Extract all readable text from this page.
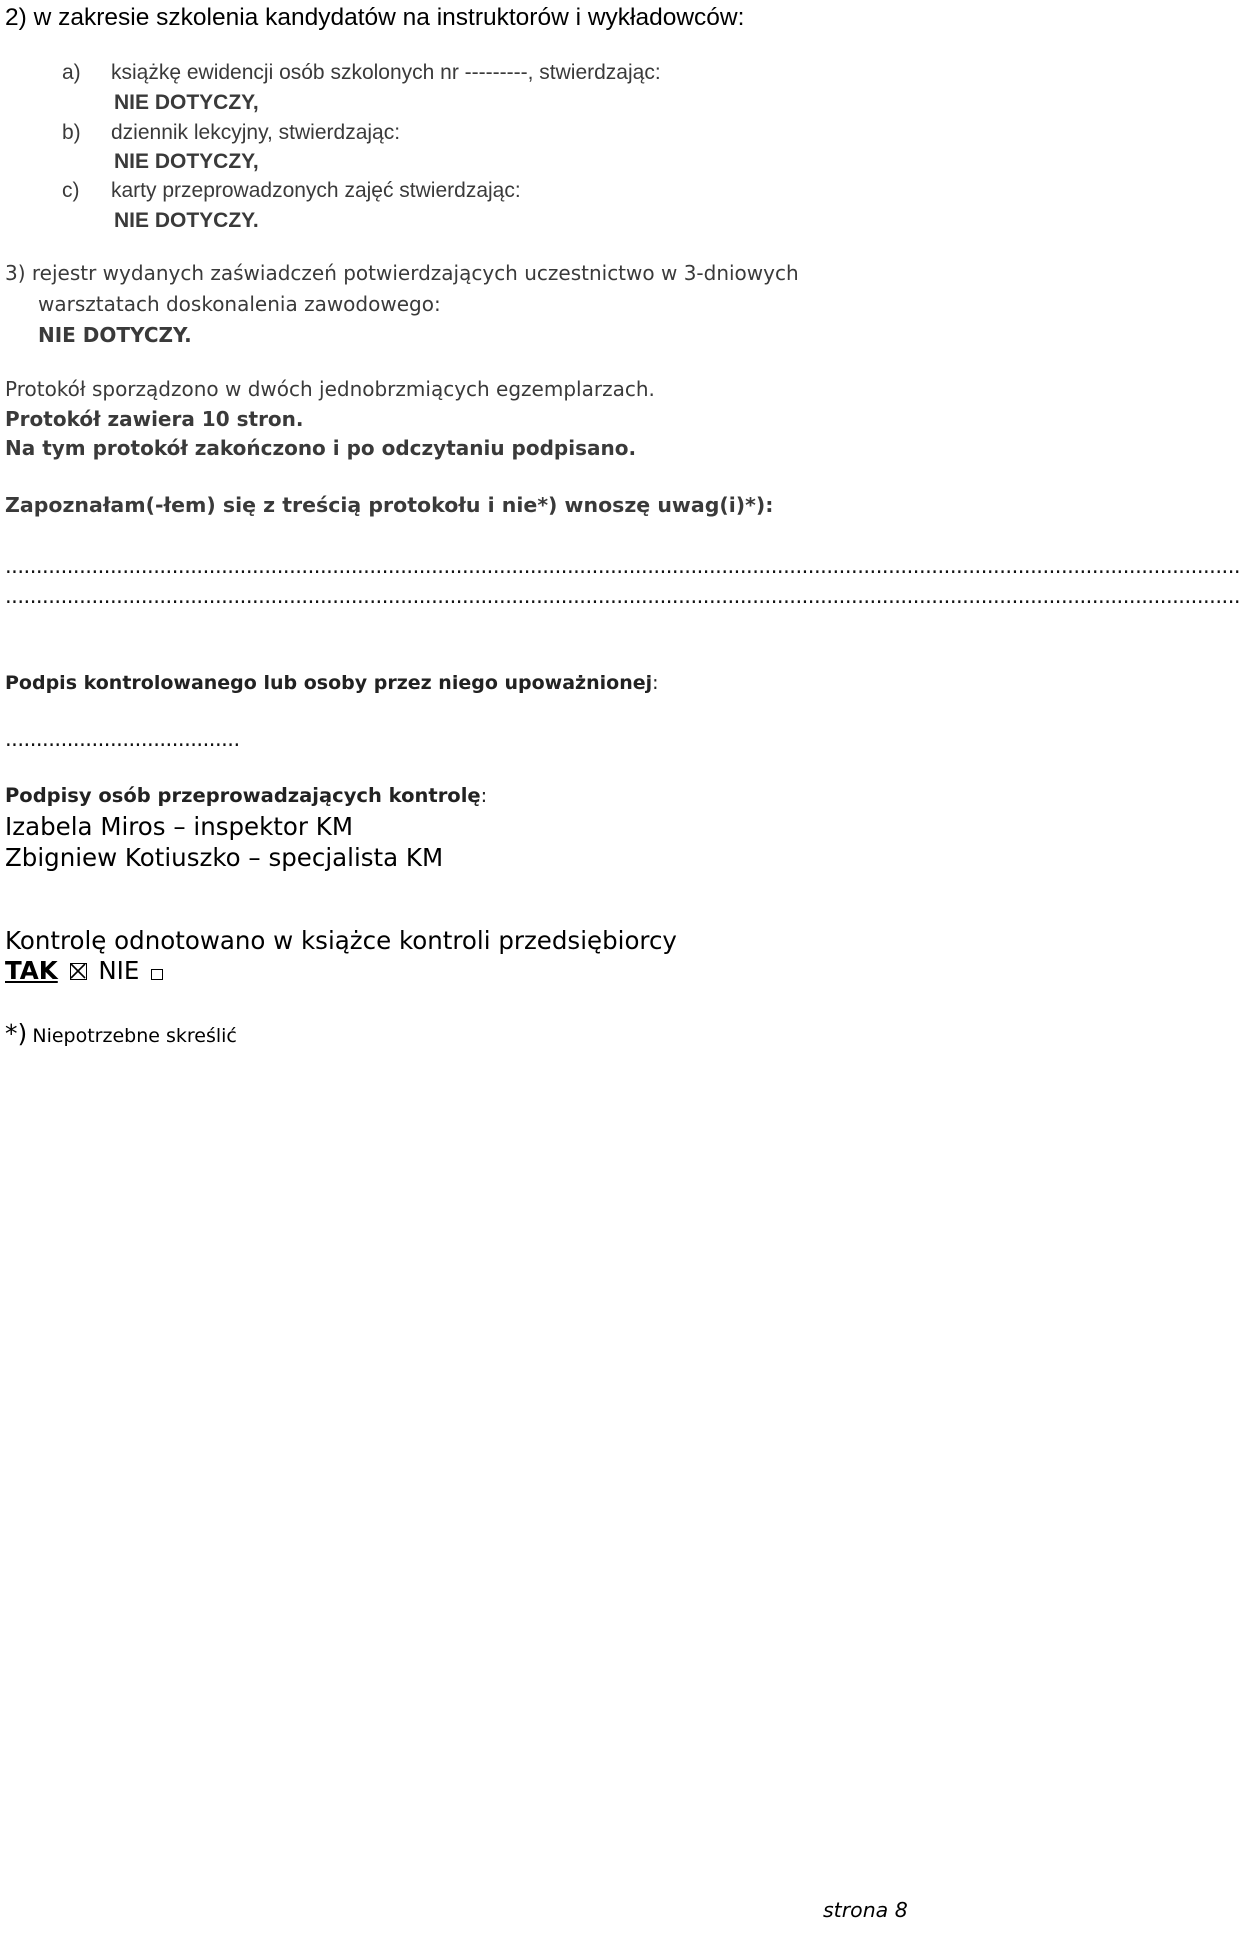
2) w zakresie szkolenia kandydatów na instruktorów i wykładowców:
a) książkę ewidencji osób szkolonych nr ---------, stwierdzając:
NIE DOTYCZY,
b) dziennik lekcyjny, stwierdzając:
NIE DOTYCZY,
c) karty przeprowadzonych zajęć stwierdzając:
NIE DOTYCZY.
3) rejestr wydanych zaświadczeń potwierdzających uczestnictwo w 3-dniowych
warsztatach doskonalenia zawodowego:
NIE DOTYCZY.
Protokół sporządzono w dwóch jednobrzmiących egzemplarzach.
Protokół zawiera 10 stron.
Na tym protokół zakończono i po odczytaniu podpisano.
Zapoznałam(-łem) się z treścią protokołu i nie*) wnoszę uwag(i)*):
........................................................................................................................................................................................................
........................................................................................................................................................................................................
Podpis kontrolowanego lub osoby przez niego upoważnionej:
......................................
Podpisy osób przeprowadzających kontrolę:
Izabela Miros – inspektor KM
Zbigniew Kotiuszko – specjalista KM
Kontrolę odnotowano w książce kontroli przedsiębiorcy
TAK NIE
*) Niepotrzebne skreślić
strona 8
